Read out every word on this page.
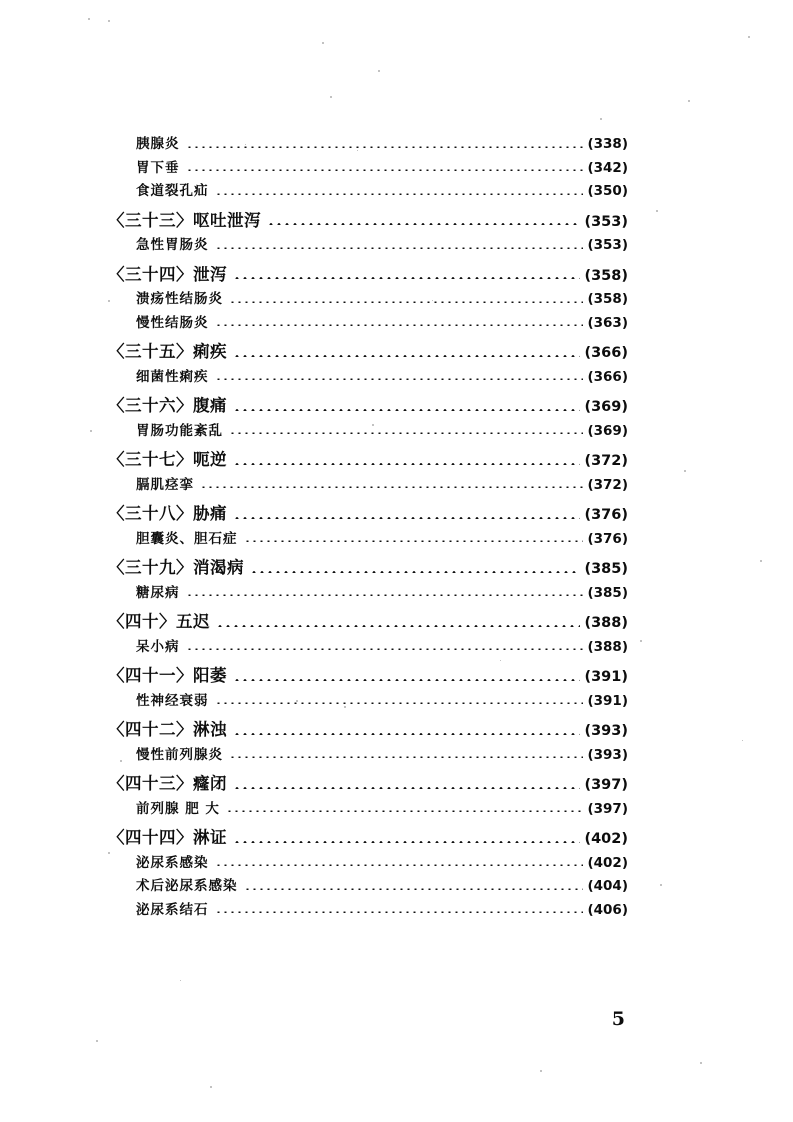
胰腺炎	(338)
胃下垂	(342)
食道裂孔疝	(350)
〈三十三〉呕吐泄泻	(353)
急性胃肠炎	(353)
〈三十四〉泄泻	(358)
溃疡性结肠炎	(358)
慢性结肠炎	(363)
〈三十五〉痢疾	(366)
细菌性痢疾	(366)
〈三十六〉腹痛	(369)
胃肠功能紊乱	(369)
〈三十七〉呃逆	(372)
膈肌痉挛	(372)
〈三十八〉胁痛	(376)
胆囊炎、胆石症	(376)
〈三十九〉消渴病	(385)
糖尿病	(385)
〈四十〉五迟	(388)
呆小病	(388)
〈四十一〉阳萎	(391)
性神经衰弱	(391)
〈四十二〉淋浊	(393)
慢性前列腺炎	(393)
〈四十三〉癃闭	(397)
前列腺 肥 大	(397)
〈四十四〉淋证	(402)
泌尿系感染	(402)
术后泌尿系感染	(404)
泌尿系结石	(406)
5
